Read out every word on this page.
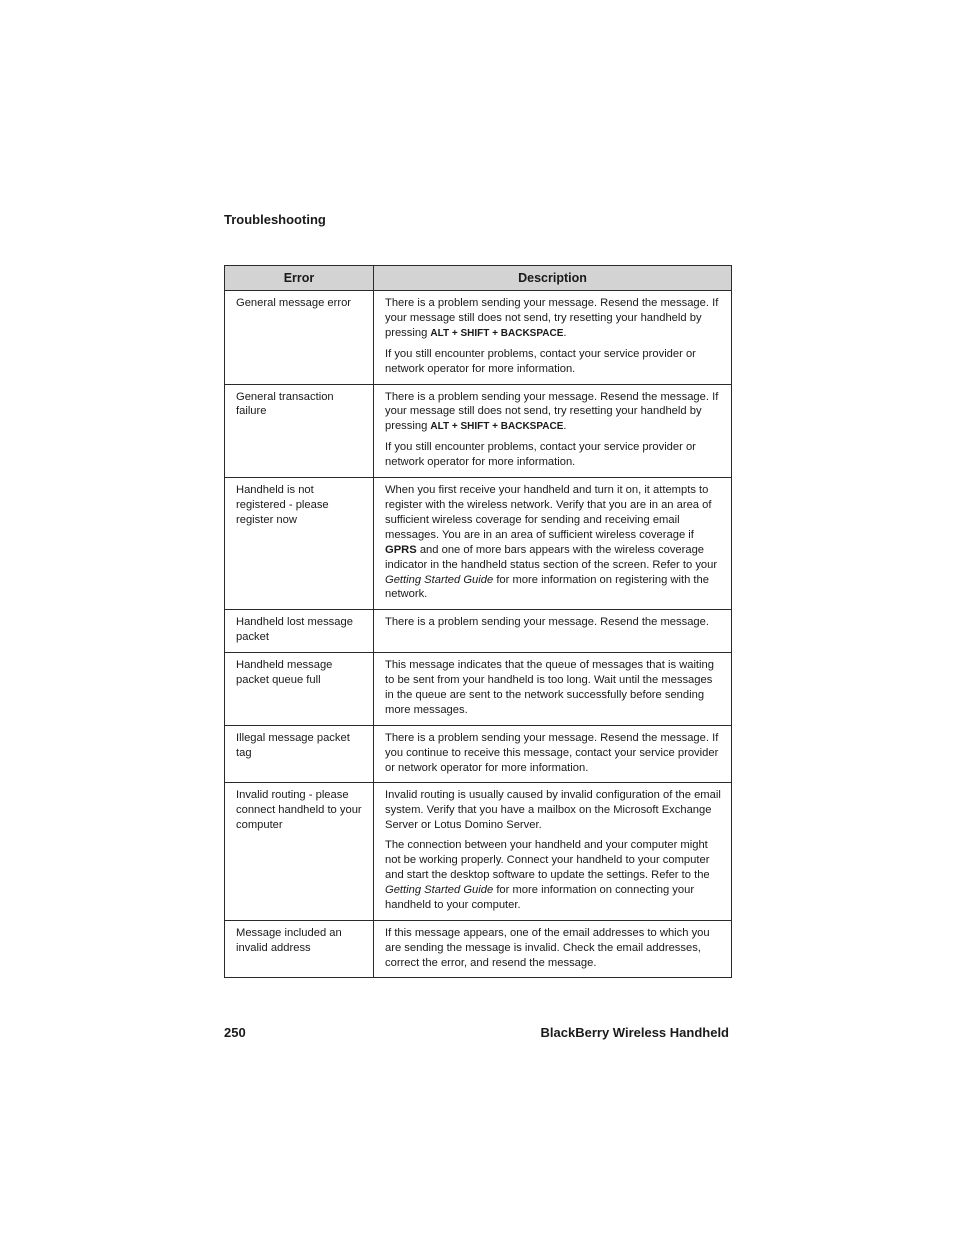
Troubleshooting
Error	Description
General message error	There is a problem sending your message. Resend the message. If your message still does not send, try resetting your handheld by pressing ALT + SHIFT + BACKSPACE.

If you still encounter problems, contact your service provider or network operator for more information.

General transaction failure	There is a problem sending your message. Resend the message. If your message still does not send, try resetting your handheld by pressing ALT + SHIFT + BACKSPACE.

If you still encounter problems, contact your service provider or network operator for more information.

Handheld is not registered - please register now	When you first receive your handheld and turn it on, it attempts to register with the wireless network. Verify that you are in an area of sufficient wireless coverage for sending and receiving email messages. You are in an area of sufficient wireless coverage if GPRS and one of more bars appears with the wireless coverage indicator in the handheld status section of the screen. Refer to your Getting Started Guide for more information on registering with the network.

Handheld lost message packet	There is a problem sending your message. Resend the message.

Handheld message packet queue full	This message indicates that the queue of messages that is waiting to be sent from your handheld is too long. Wait until the messages in the queue are sent to the network successfully before sending more messages.

Illegal message packet tag	There is a problem sending your message. Resend the message. If you continue to receive this message, contact your service provider or network operator for more information.

Invalid routing - please connect handheld to your computer	Invalid routing is usually caused by invalid configuration of the email system. Verify that you have a mailbox on the Microsoft Exchange Server or Lotus Domino Server.

The connection between your handheld and your computer might not be working properly. Connect your handheld to your computer and start the desktop software to update the settings. Refer to the Getting Started Guide for more information on connecting your handheld to your computer.

Message included an invalid address	If this message appears, one of the email addresses to which you are sending the message is invalid. Check the email addresses, correct the error, and resend the message.

250	BlackBerry Wireless Handheld
